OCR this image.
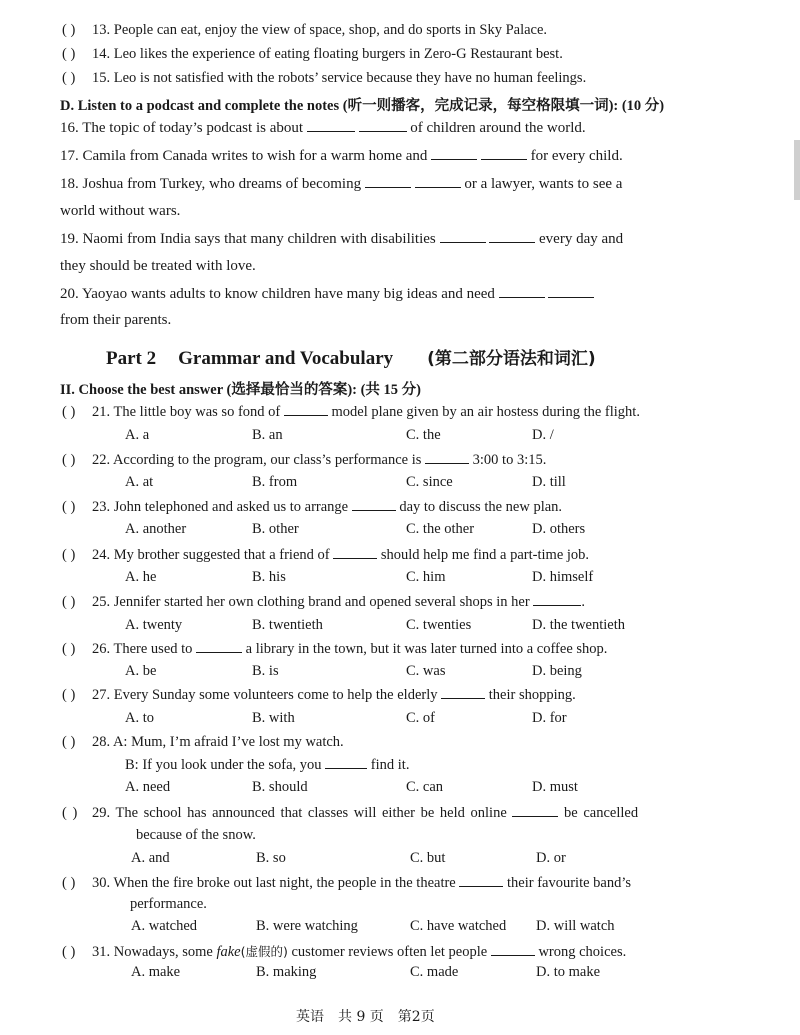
( ) 13. People can eat, enjoy the view of space, shop, and do sports in Sky Palace.
( ) 14. Leo likes the experience of eating floating burgers in Zero-G Restaurant best.
( ) 15. Leo is not satisfied with the robots’ service because they have no human feelings.
D. Listen to a podcast and complete the notes (听一则播客，完成记录，每空格限填一词): (10 分)
16. The topic of today’s podcast is about	of children around the world.
17. Camila from Canada writes to wish for a warm home and	for every child.
18. Joshua from Turkey, who dreams of becoming	or a lawyer, wants to see a
world without wars.
19. Naomi from India says that many children with disabilities	every day and
they should be treated with love.
20. Yaoyao wants adults to know children have many big ideas and need
from their parents.
Part 2 Grammar and Vocabulary (第二部分语法和词汇)
II. Choose the best answer (选择最恰当的答案): (共 15 分)
( ) 21. The little boy was so fond of	model plane given by an air hostess during the flight.
A. a	B. an	C. the	D. /
( ) 22. According to the program, our class’s performance is	3:00 to 3:15.
A. at	B. from	C. since	D. till
( ) 23. John telephoned and asked us to arrange	day to discuss the new plan.
A. another	B. other	C. the other	D. others
( ) 24. My brother suggested that a friend of	should help me find a part-time job.
A. he	B. his	C. him	D. himself
( ) 25. Jennifer started her own clothing brand and opened several shops in her	.
A. twenty	B. twentieth	C. twenties	D. the twentieth
( ) 26. There used to	a library in the town, but it was later turned into a coffee shop.
A. be	B. is	C. was	D. being
( ) 27. Every Sunday some volunteers come to help the elderly	their shopping.
A. to	B. with	C. of	D. for
( ) 28. A: Mum, I’m afraid I’ve lost my watch.
B: If you look under the sofa, you	find it.
A. need	B. should	C. can	D. must
( ) 29. The school has announced that classes will either be held online	be cancelled
because of the snow.
A. and	B. so	C. but	D. or
( ) 30. When the fire broke out last night, the people in the theatre	their favourite band’s
performance.
A. watched	B. were watching	C. have watched D. will watch
( ) 31. Nowadays, some fake(虚假的) customer reviews often let people	wrong choices.
A. make	B. making	C. made	D. to make
英语　共 9 页　第2页
